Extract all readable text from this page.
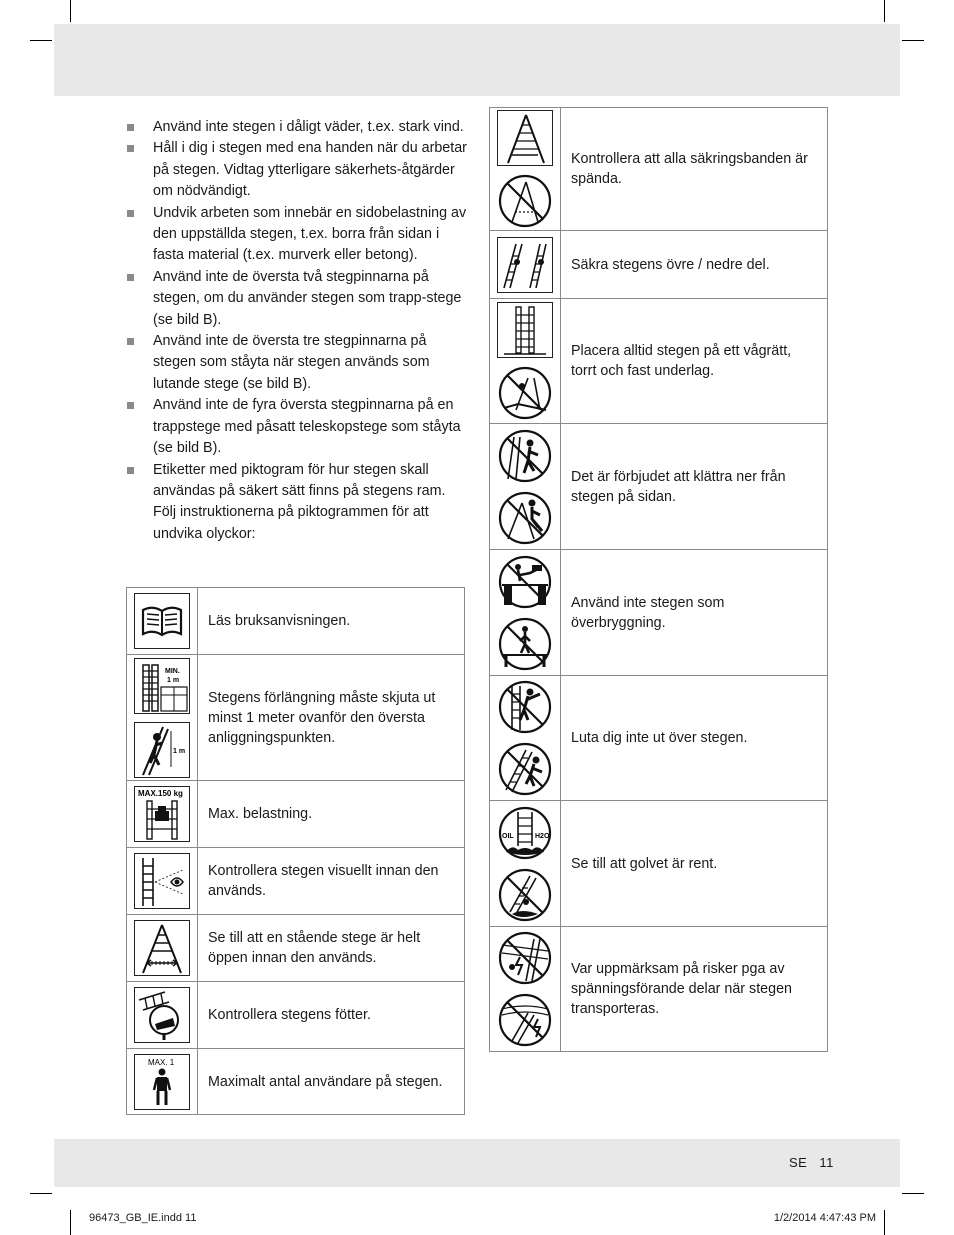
Använd inte stegen i dåligt väder, t.ex. stark vind.
Håll i dig i stegen med ena handen när du arbetar på stegen. Vidtag ytterligare säkerhets-åtgärder om nödvändigt.
Undvik arbeten som innebär en sidobelastning av den uppställda stegen, t.ex. borra från sidan i fasta material (t.ex. murverk eller betong).
Använd inte de översta två stegpinnarna på stegen, om du använder stegen som trapp-stege (se bild B).
Använd inte de översta tre stegpinnarna på stegen som ståyta när stegen används som lutande stege (se bild B).
Använd inte de fyra översta stegpinnarna på en trappstege med påsatt teleskopstege som ståyta (se bild B).
Etiketter med piktogram för hur stegen skall användas på säkert sätt finns på stegens ram. Följ instruktionerna på piktogrammen för att undvika olyckor:
	Läs bruksanvisningen.

MIN.
1 m
1 m	Stegens förlängning måste skjuta ut minst 1 meter ovanför den översta anliggningspunkten.

MAX.150 kg	Max. belastning.

	Kontrollera stegen visuellt innan den används.

	Se till att en stående stege är helt öppen innan den används.

	Kontrollera stegens fötter.

MAX. 1	Maximalt antal användare på stegen.
	Kontrollera att alla säkringsbanden är spända.

	Säkra stegens övre / nedre del.

	Placera alltid stegen på ett vågrätt, torrt och fast underlag.

	Det är förbjudet att klättra ner från stegen på sidan.

	Använd inte stegen som överbryggning.

	Luta dig inte ut över stegen.

OIL H2O	Se till att golvet är rent.

	Var uppmärksam på risker pga av spänningsförande delar när stegen transporteras.
SE 11
96473_GB_IE.indd 11	1/2/2014 4:47:43 PM
